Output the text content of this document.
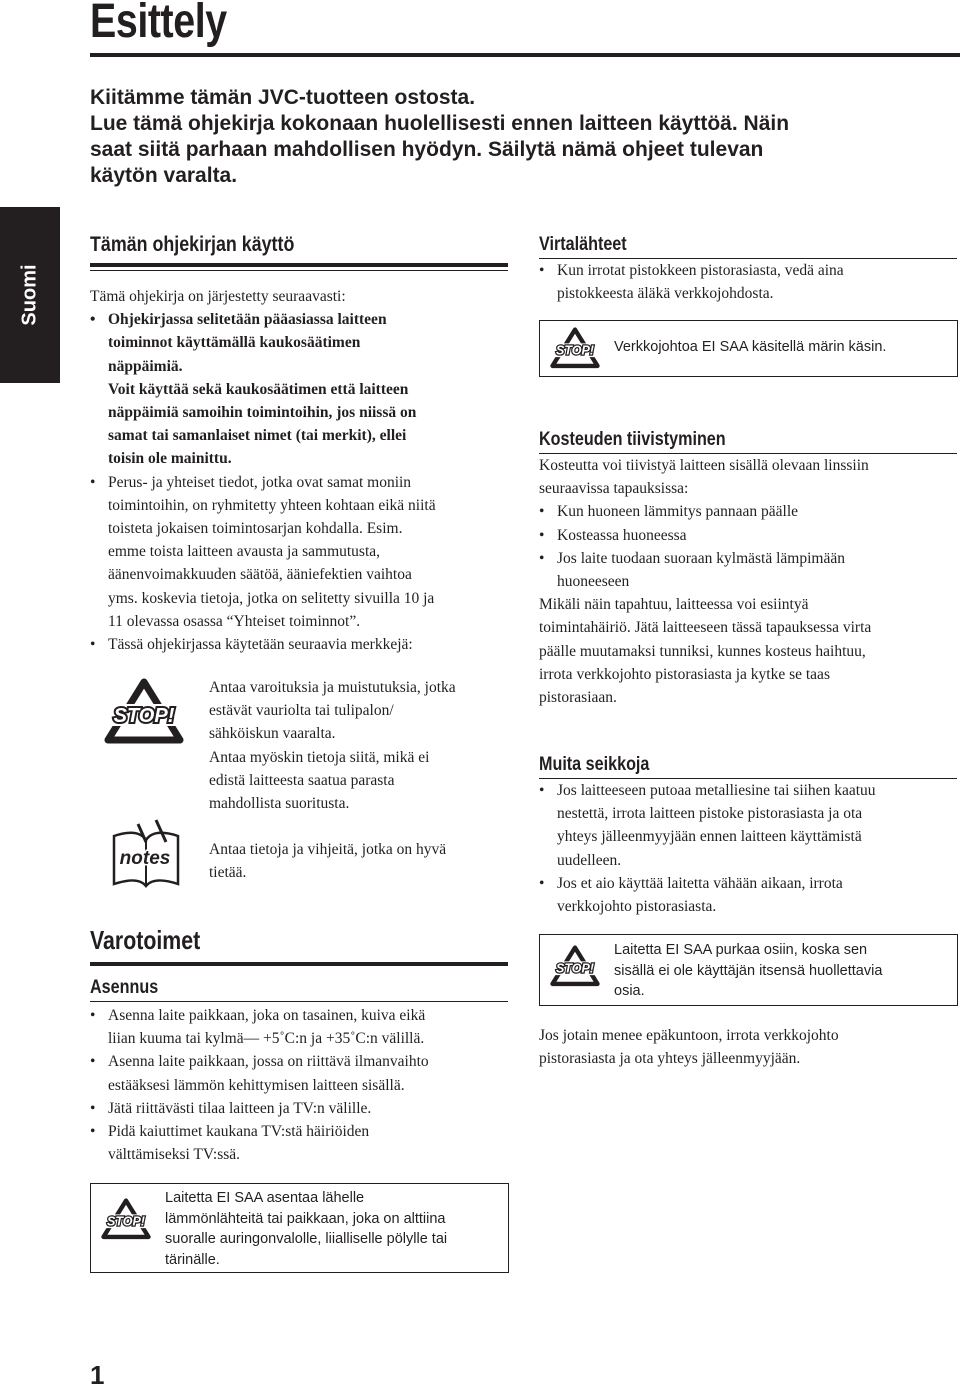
Esittely
Kiitämme tämän JVC-tuotteen ostosta.
Lue tämä ohjekirja kokonaan huolellisesti ennen laitteen käyttöä. Näin
saat siitä parhaan mahdollisen hyödyn. Säilytä nämä ohjeet tulevan
käytön varalta.
Suomi
Tämän ohjekirjan käyttö
Tämä ohjekirja on järjestetty seuraavasti:
• Ohjekirjassa selitetään pääasiassa laitteen
toiminnot käyttämällä kaukosäätimen
näppäimiä.
Voit käyttää sekä kaukosäätimen että laitteen
näppäimiä samoihin toimintoihin, jos niissä on
samat tai samanlaiset nimet (tai merkit), ellei
toisin ole mainittu.
• Perus- ja yhteiset tiedot, jotka ovat samat moniin
toimintoihin, on ryhmitetty yhteen kohtaan eikä niitä
toisteta jokaisen toimintosarjan kohdalla. Esim.
emme toista laitteen avausta ja sammutusta,
äänenvoimakkuuden säätöä, ääniefektien vaihtoa
yms. koskevia tietoja, jotka on selitetty sivuilla 10 ja
11 olevassa osassa “Yhteiset toiminnot”.
• Tässä ohjekirjassa käytetään seuraavia merkkejä:
STOP!
Antaa varoituksia ja muistutuksia, jotka
estävät vauriolta tai tulipalon/
sähköiskun vaaralta.
Antaa myöskin tietoja siitä, mikä ei
edistä laitteesta saatua parasta
mahdollista suoritusta.
notes Antaa tietoja ja vihjeitä, jotka on hyvä
tietää.
Varotoimet
Asennus
• Asenna laite paikkaan, joka on tasainen, kuiva eikä
liian kuuma tai kylmä— +5˚C:n ja +35˚C:n välillä.
• Asenna laite paikkaan, jossa on riittävä ilmanvaihto
estääksesi lämmön kehittymisen laitteen sisällä.
• Jätä riittävästi tilaa laitteen ja TV:n välille.
• Pidä kaiuttimet kaukana TV:stä häiriöiden
välttämiseksi TV:ssä.
STOP!
Laitetta EI SAA asentaa lähelle
lämmönlähteitä tai paikkaan, joka on alttiina
suoralle auringonvalolle, liialliselle pölylle tai
tärinälle.
Virtalähteet
• Kun irrotat pistokkeen pistorasiasta, vedä aina
pistokkeesta äläkä verkkojohdosta.
STOP! Verkkojohtoa EI SAA käsitellä märin käsin.
Kosteuden tiivistyminen
Kosteutta voi tiivistyä laitteen sisällä olevaan linssiin
seuraavissa tapauksissa:
• Kun huoneen lämmitys pannaan päälle
• Kosteassa huoneessa
• Jos laite tuodaan suoraan kylmästä lämpimään
huoneeseen
Mikäli näin tapahtuu, laitteessa voi esiintyä
toimintahäiriö. Jätä laitteeseen tässä tapauksessa virta
päälle muutamaksi tunniksi, kunnes kosteus haihtuu,
irrota verkkojohto pistorasiasta ja kytke se taas
pistorasiaan.
Muita seikkoja
• Jos laitteeseen putoaa metalliesine tai siihen kaatuu
nestettä, irrota laitteen pistoke pistorasiasta ja ota
yhteys jälleenmyyjään ennen laitteen käyttämistä
uudelleen.
• Jos et aio käyttää laitetta vähään aikaan, irrota
verkkojohto pistorasiasta.
STOP!
Laitetta EI SAA purkaa osiin, koska sen
sisällä ei ole käyttäjän itsensä huollettavia
osia.
Jos jotain menee epäkuntoon, irrota verkkojohto
pistorasiasta ja ota yhteys jälleenmyyjään.
1
